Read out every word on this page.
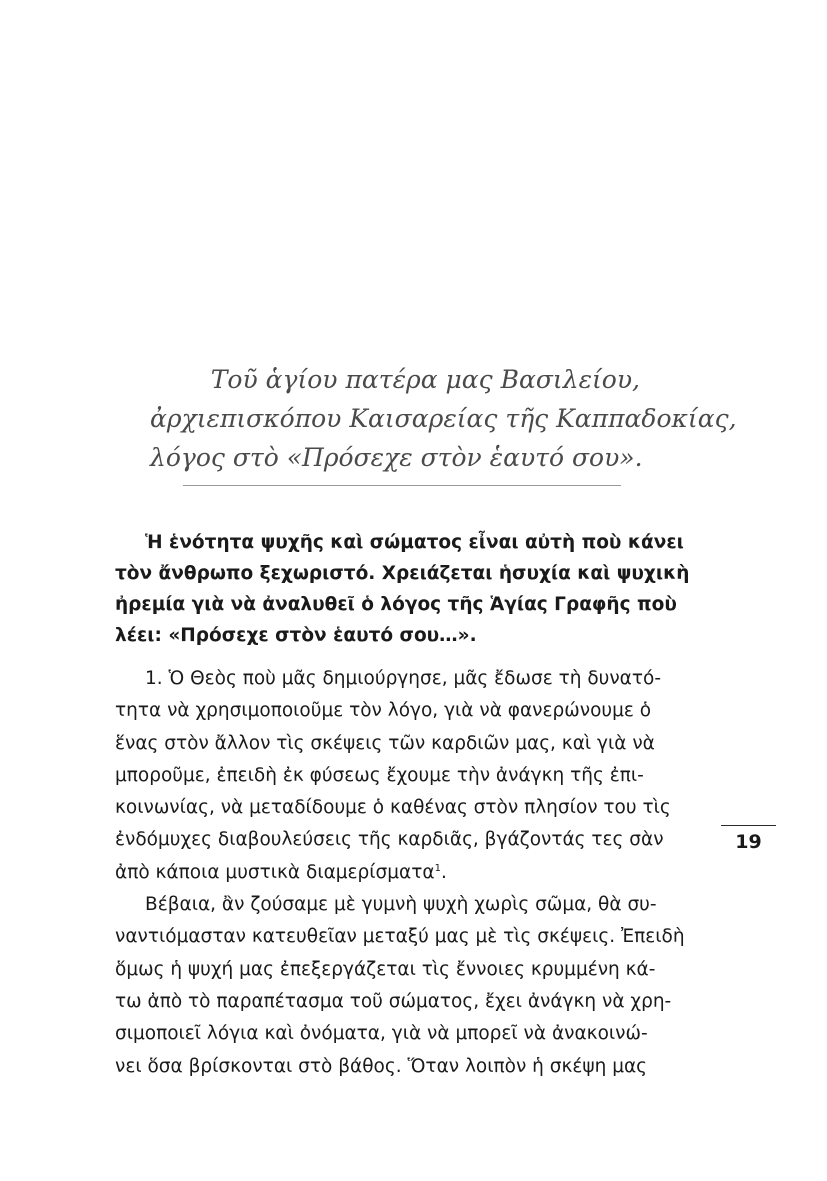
Τοῦ ἁγίου πατέρα μας Βασιλείου,
ἀρχιεπισκόπου Καισαρείας τῆς Καππαδοκίας,
λόγος στὸ «Πρόσεχε στὸν ἑαυτό σου».
Ἡ ἑνότητα ψυχῆς καὶ σώματος εἶναι αὐτὴ ποὺ κάνει
τὸν ἄνθρωπο ξεχωριστό. Χρειάζεται ἡσυχία καὶ ψυχικὴ
ἠρεμία γιὰ νὰ ἀναλυθεῖ ὁ λόγος τῆς Ἁγίας Γραφῆς ποὺ
λέει: «Πρόσεχε στὸν ἑαυτό σου…».
1. Ὁ Θεὸς ποὺ μᾶς δημιούργησε, μᾶς ἔδωσε τὴ δυνατό-
τητα νὰ χρησιμοποιοῦμε τὸν λόγο, γιὰ νὰ φανερώνουμε ὁ
ἕνας στὸν ἄλλον τὶς σκέψεις τῶν καρδιῶν μας, καὶ γιὰ νὰ
μποροῦμε, ἐπειδὴ ἐκ φύσεως ἔχουμε τὴν ἀνάγκη τῆς ἐπι-
κοινωνίας, νὰ μεταδίδουμε ὁ καθένας στὸν πλησίον του τὶς
ἐνδόμυχες διαβουλεύσεις τῆς καρδιᾶς, βγάζοντάς τες σὰν
ἀπὸ κάποια μυστικὰ διαμερίσματα$^1$.
Βέβαια, ἂν ζούσαμε μὲ γυμνὴ ψυχὴ χωρὶς σῶμα, θὰ συ-
ναντιόμασταν κατευθεῖαν μεταξύ μας μὲ τὶς σκέψεις. Ἐπειδὴ
ὅμως ἡ ψυχή μας ἐπεξεργάζεται τὶς ἔννοιες κρυμμένη κά-
τω ἀπὸ τὸ παραπέτασμα τοῦ σώματος, ἔχει ἀνάγκη νὰ χρη-
σιμοποιεῖ λόγια καὶ ὀνόματα, γιὰ νὰ μπορεῖ νὰ ἀνακοινώ-
νει ὅσα βρίσκονται στὸ βάθος. Ὅταν λοιπὸν ἡ σκέψη μας
19
